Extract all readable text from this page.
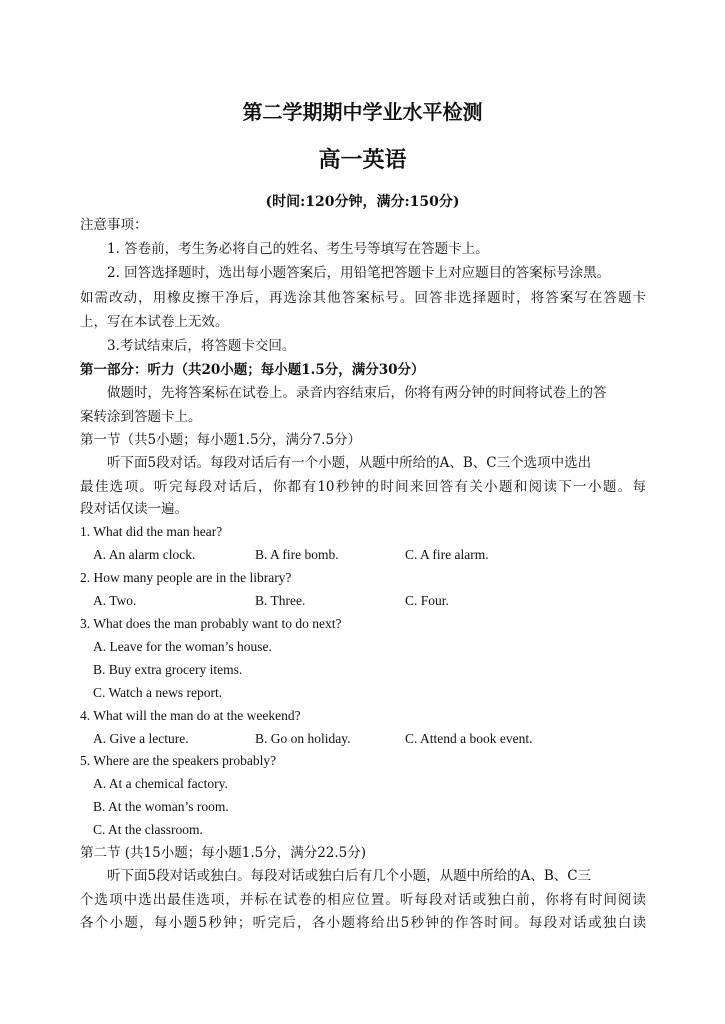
第二学期期中学业水平检测
高一英语
(时间:120分钟，满分:150分)
注意事项：
1. 答卷前，考生务必将自己的姓名、考生号等填写在答题卡上。
2. 回答选择题时，选出每小题答案后，用铅笔把答题卡上对应题目的答案标号涂黑。
如需改动，用橡皮擦干净后，再选涂其他答案标号。回答非选择题时，将答案写在答题卡
上，写在本试卷上无效。
3.考试结束后，将答题卡交回。
第一部分：听力（共20小题；每小题1.5分，满分30分）
做题时，先将答案标在试卷上。录音内容结束后，你将有两分钟的时间将试卷上的答
案转涂到答题卡上。
第一节（共5小题；每小题1.5分，满分7.5分）
听下面5段对话。每段对话后有一个小题，从题中所给的A、B、C三个选项中选出
最佳选项。听完每段对话后，你都有10秒钟的时间来回答有关小题和阅读下一小题。每
段对话仅读一遍。
1. What did the man hear?
A. An alarm clock.	B. A fire bomb.	C. A fire alarm.
2. How many people are in the library?
A. Two.	B. Three.	C. Four.
3. What does the man probably want to do next?
A. Leave for the woman’s house.
B. Buy extra grocery items.
C. Watch a news report.
4. What will the man do at the weekend?
A. Give a lecture.	B. Go on holiday.	C. Attend a book event.
5. Where are the speakers probably?
A. At a chemical factory.
B. At the woman’s room.
C. At the classroom.
第二节 (共15小题；每小题1.5分，满分22.5分)
听下面5段对话或独白。每段对话或独白后有几个小题，从题中所给的A、B、C三
个选项中选出最佳选项，并标在试卷的相应位置。听每段对话或独白前，你将有时间阅读
各个小题，每小题5秒钟；听完后，各小题将给出5秒钟的作答时间。每段对话或独白读
